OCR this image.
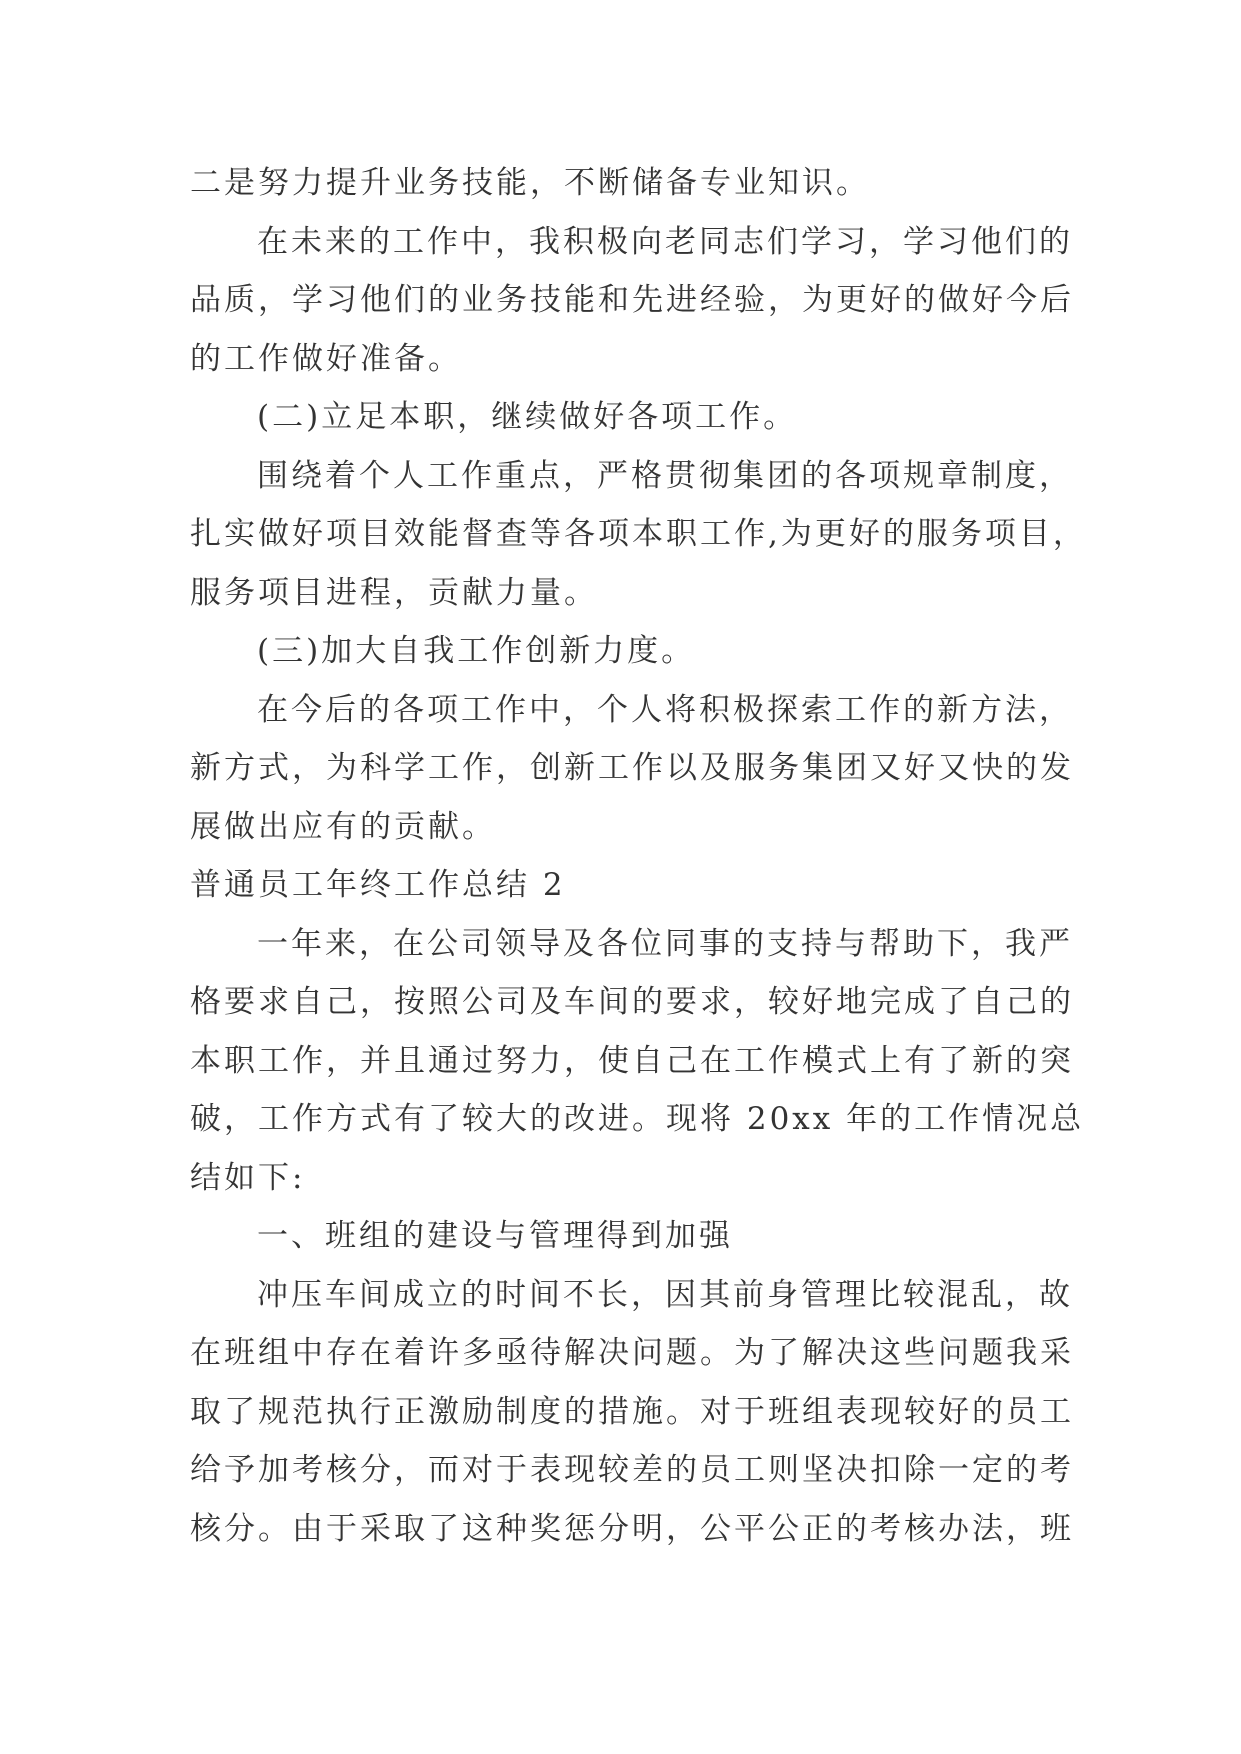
二是努力提升业务技能，不断储备专业知识。
在未来的工作中，我积极向老同志们学习，学习他们的
品质，学习他们的业务技能和先进经验，为更好的做好今后
的工作做好准备。
(二)立足本职，继续做好各项工作。
围绕着个人工作重点，严格贯彻集团的各项规章制度，
扎实做好项目效能督查等各项本职工作,为更好的服务项目，
服务项目进程，贡献力量。
(三)加大自我工作创新力度。
在今后的各项工作中，个人将积极探索工作的新方法，
新方式，为科学工作，创新工作以及服务集团又好又快的发
展做出应有的贡献。
普通员工年终工作总结 2
一年来，在公司领导及各位同事的支持与帮助下，我严
格要求自己，按照公司及车间的要求，较好地完成了自己的
本职工作，并且通过努力，使自己在工作模式上有了新的突
破，工作方式有了较大的改进。现将 20xx 年的工作情况总
结如下:
一、班组的建设与管理得到加强
冲压车间成立的时间不长，因其前身管理比较混乱，故
在班组中存在着许多亟待解决问题。为了解决这些问题我采
取了规范执行正激励制度的措施。对于班组表现较好的员工
给予加考核分，而对于表现较差的员工则坚决扣除一定的考
核分。由于采取了这种奖惩分明，公平公正的考核办法，班
